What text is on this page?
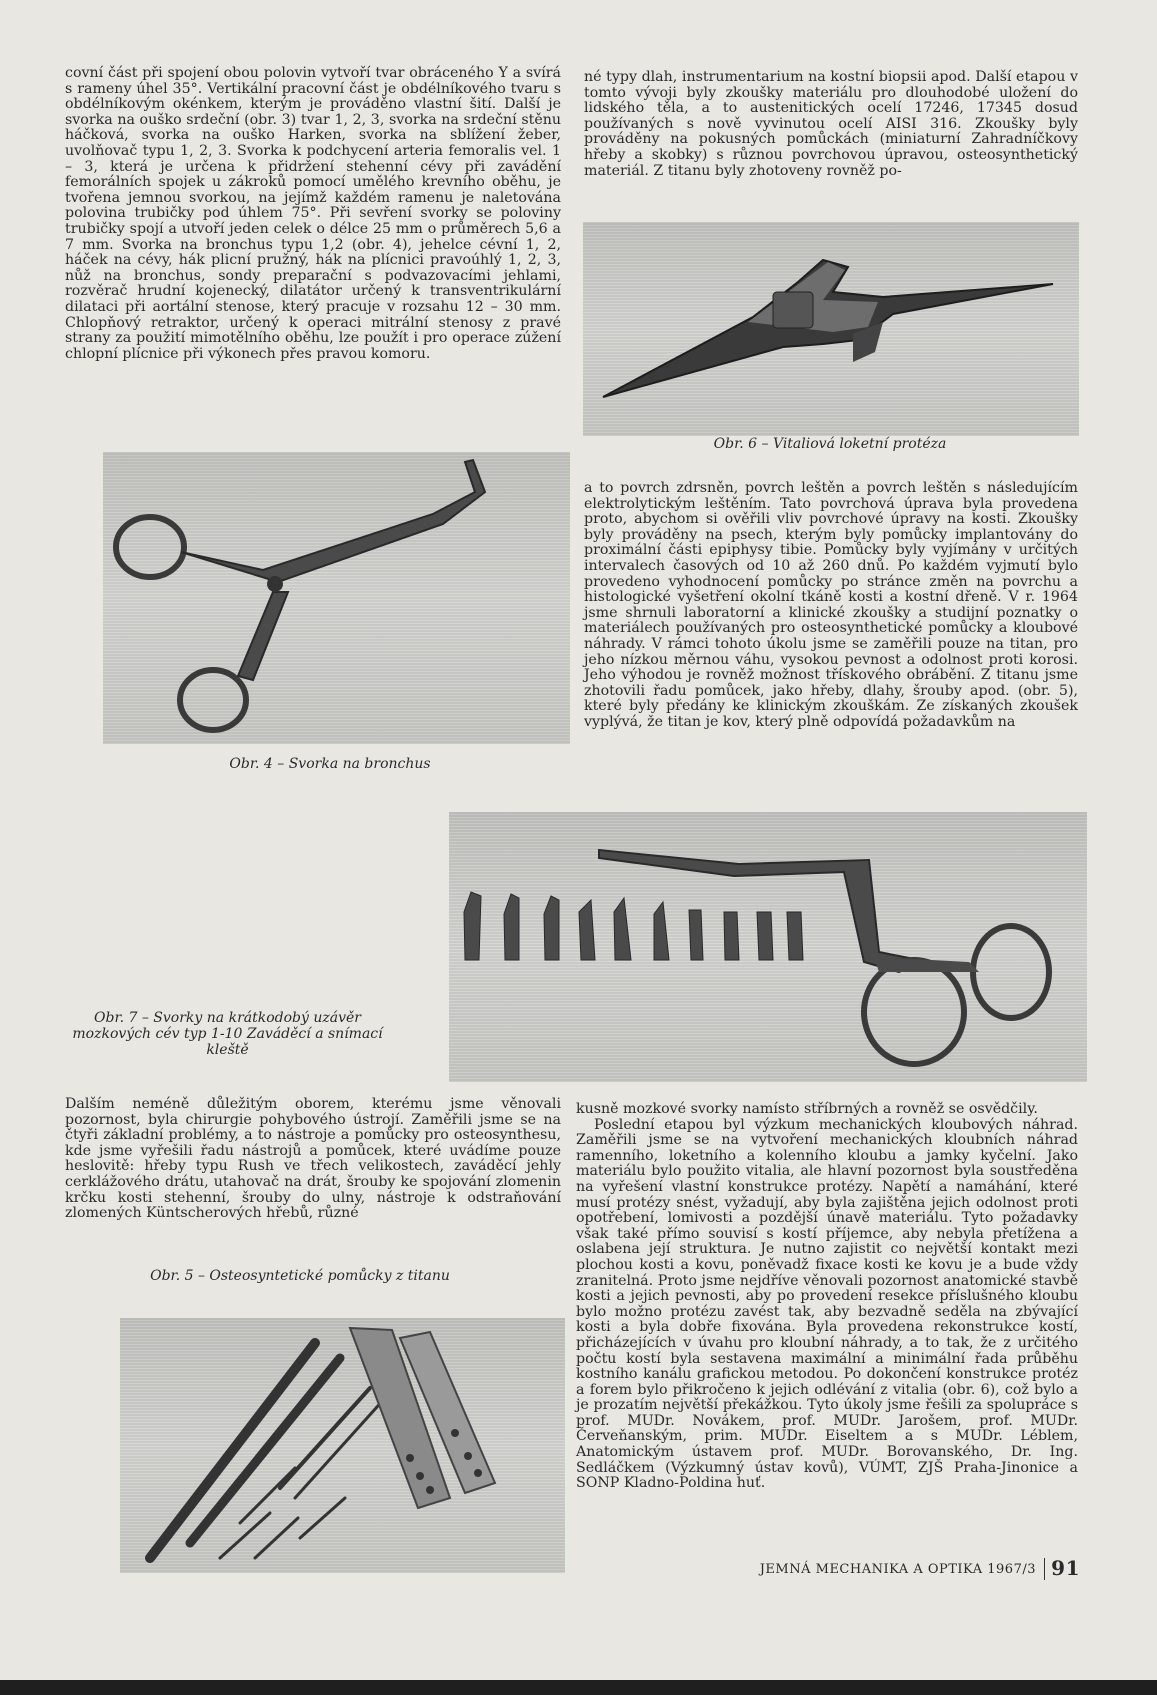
covní část při spojení obou polovin vytvoří tvar obráceného Y a svírá s rameny úhel 35°. Vertikální pracovní část je obdélníkového tvaru s obdélníkovým okénkem, kterým je prováděno vlastní šití. Další je svorka na ouško srdeční (obr. 3) tvar 1, 2, 3, svorka na srdeční stěnu háčková, svorka na ouško Harken, svorka na sblížení žeber, uvolňovač typu 1, 2, 3. Svorka k podchycení arteria femoralis vel. 1 – 3, která je určena k přidržení stehenní cévy při zavádění femorálních spojek u zákroků pomocí umělého krevního oběhu, je tvořena jemnou svorkou, na jejímž každém ramenu je naletována polovina trubičky pod úhlem 75°. Při sevření svorky se poloviny trubičky spojí a utvoří jeden celek o délce 25 mm o průměrech 5,6 a 7 mm. Svorka na bronchus typu 1,2 (obr. 4), jehelce cévní 1, 2, háček na cévy, hák plicní pružný, hák na plícnici pravoúhlý 1, 2, 3, nůž na bronchus, sondy preparační s podvazovacími jehlami, rozvěrač hrudní kojenecký, dilatátor určený k transventrikulární dilataci při aortální stenose, který pracuje v rozsahu 12 – 30 mm. Chlopňový retraktor, určený k operaci mitrální stenosy z pravé strany za použití mimotělního oběhu, lze použít i pro operace zúžení chlopní plícnice při výkonech přes pravou komoru.

né typy dlah, instrumentarium na kostní biopsii apod. Další etapou v tomto vývoji byly zkoušky materiálu pro dlouhodobé uložení do lidského těla, a to austenitických ocelí 17246, 17345 dosud používaných s nově vyvinutou ocelí AISI 316. Zkoušky byly prováděny na pokusných pomůckách (miniaturní Zahradníčkovy hřeby a skobky) s různou povrchovou úpravou, osteosynthetický materiál. Z titanu byly zhotoveny rovněž po-

Obr. 6 – Vitaliová loketní protéza
Obr. 4 – Svorka na bronchus

a to povrch zdrsněn, povrch leštěn a povrch leštěn s následujícím elektrolytickým leštěním. Tato povrchová úprava byla provedena proto, abychom si ověřili vliv povrchové úpravy na kosti. Zkoušky byly prováděny na psech, kterým byly pomůcky implantovány do proximální části epiphysy tibie. Pomůcky byly vyjímány v určitých intervalech časových od 10 až 260 dnů. Po každém vyjmutí bylo provedeno vyhodnocení pomůcky po stránce změn na povrchu a histologické vyšetření okolní tkáně kosti a kostní dřeně. V r. 1964 jsme shrnuli laboratorní a klinické zkoušky a studijní poznatky o materiálech používaných pro osteosynthetické pomůcky a kloubové náhrady. V rámci tohoto úkolu jsme se zaměřili pouze na titan, pro jeho nízkou měrnou váhu, vysokou pevnost a odolnost proti korosi. Jeho výhodou je rovněž možnost třískového obrábění. Z titanu jsme zhotovili řadu pomůcek, jako hřeby, dlahy, šrouby apod. (obr. 5), které byly předány ke klinickým zkouškám. Ze získaných zkoušek vyplývá, že titan je kov, který plně odpovídá požadavkům na

Obr. 7 – Svorky na krátkodobý uzávěr mozkových cév typ 1-10 Zaváděcí a snímací kleště

Dalším neméně důležitým oborem, kterému jsme věnovali pozornost, byla chirurgie pohybového ústrojí. Zaměřili jsme se na čtyři základní problémy, a to nástroje a pomůcky pro osteosynthesu, kde jsme vyřešili řadu nástrojů a pomůcek, které uvádíme pouze heslovitě: hřeby typu Rush ve třech velikostech, zaváděcí jehly cerklážového drátu, utahovač na drát, šrouby ke spojování zlomenin krčku kosti stehenní, šrouby do ulny, nástroje k odstraňování zlomených Küntscherových hřebů, různé

Obr. 5 – Osteosyntetické pomůcky z titanu

kusně mozkové svorky namísto stříbrných a rovněž se osvědčily.

Poslední etapou byl výzkum mechanických kloubových náhrad. Zaměřili jsme se na vytvoření mechanických kloubních náhrad ramenního, loketního a kolenního kloubu a jamky kyčelní. Jako materiálu bylo použito vitalia, ale hlavní pozornost byla soustředěna na vyřešení vlastní konstrukce protézy. Napětí a namáhání, které musí protézy snést, vyžadují, aby byla zajištěna jejich odolnost proti opotřebení, lomivosti a pozdější únavě materiálu. Tyto požadavky však také přímo souvisí s kostí příjemce, aby nebyla přetížena a oslabena její struktura. Je nutno zajistit co největší kontakt mezi plochou kosti a kovu, poněvadž fixace kosti ke kovu je a bude vždy zranitelná. Proto jsme nejdříve věnovali pozornost anatomické stavbě kosti a jejich pevnosti, aby po provedení resekce příslušného kloubu bylo možno protézu zavést tak, aby bezvadně seděla na zbývající kosti a byla dobře fixována. Byla provedena rekonstrukce kostí, přicházejících v úvahu pro kloubní náhrady, a to tak, že z určitého počtu kostí byla sestavena maximální a minimální řada průběhu kostního kanálu grafickou metodou. Po dokončení konstrukce protéz a forem bylo přikročeno k jejich odlévání z vitalia (obr. 6), což bylo a je prozatím největší překážkou. Tyto úkoly jsme řešili za spolupráce s prof. MUDr. Novákem, prof. MUDr. Jarošem, prof. MUDr. Červeňanským, prim. MUDr. Eiseltem a s MUDr. Léblem, Anatomickým ústavem prof. MUDr. Borovanského, Dr. Ing. Sedláčkem (Výzkumný ústav kovů), VÚMT, ZJŠ Praha-Jinonice a SONP Kladno-Poldina huť.

JEMNÁ MECHANIKA A OPTIKA 1967/3 91
